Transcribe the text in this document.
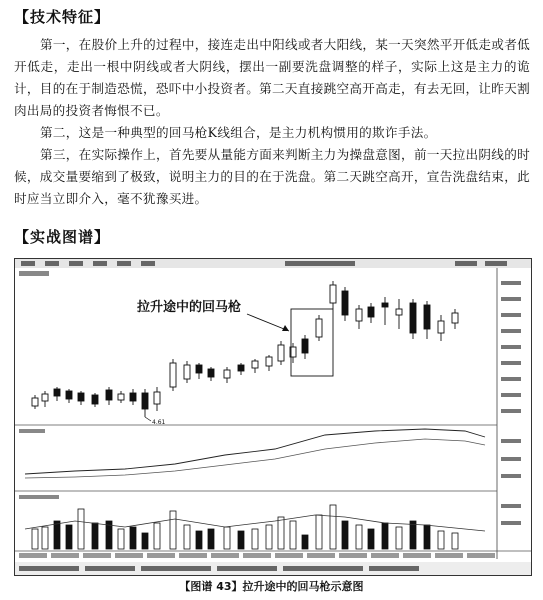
【技术特征】
第一，在股价上升的过程中，接连走出中阳线或者大阳线，某一天突然平开低走或者低开低走，走出一根中阴线或者大阴线，摆出一副要洗盘调整的样子，实际上这是主力的诡计，目的在于制造恐慌，恐吓中小投资者。第二天直接跳空高开高走，有去无回，让昨天割肉出局的投资者悔恨不已。
第二，这是一种典型的回马枪K线组合，是主力机构惯用的欺诈手法。
第三，在实际操作上，首先要从量能方面来判断主力为操盘意图，前一天拉出阴线的时候，成交量要缩到了极致，说明主力的目的在于洗盘。第二天跳空高开，宣告洗盘结束，此时应当立即介入，毫不犹豫买进。
【实战图谱】
4.61
拉升途中的回马枪
【图谱 43】拉升途中的回马枪示意图
